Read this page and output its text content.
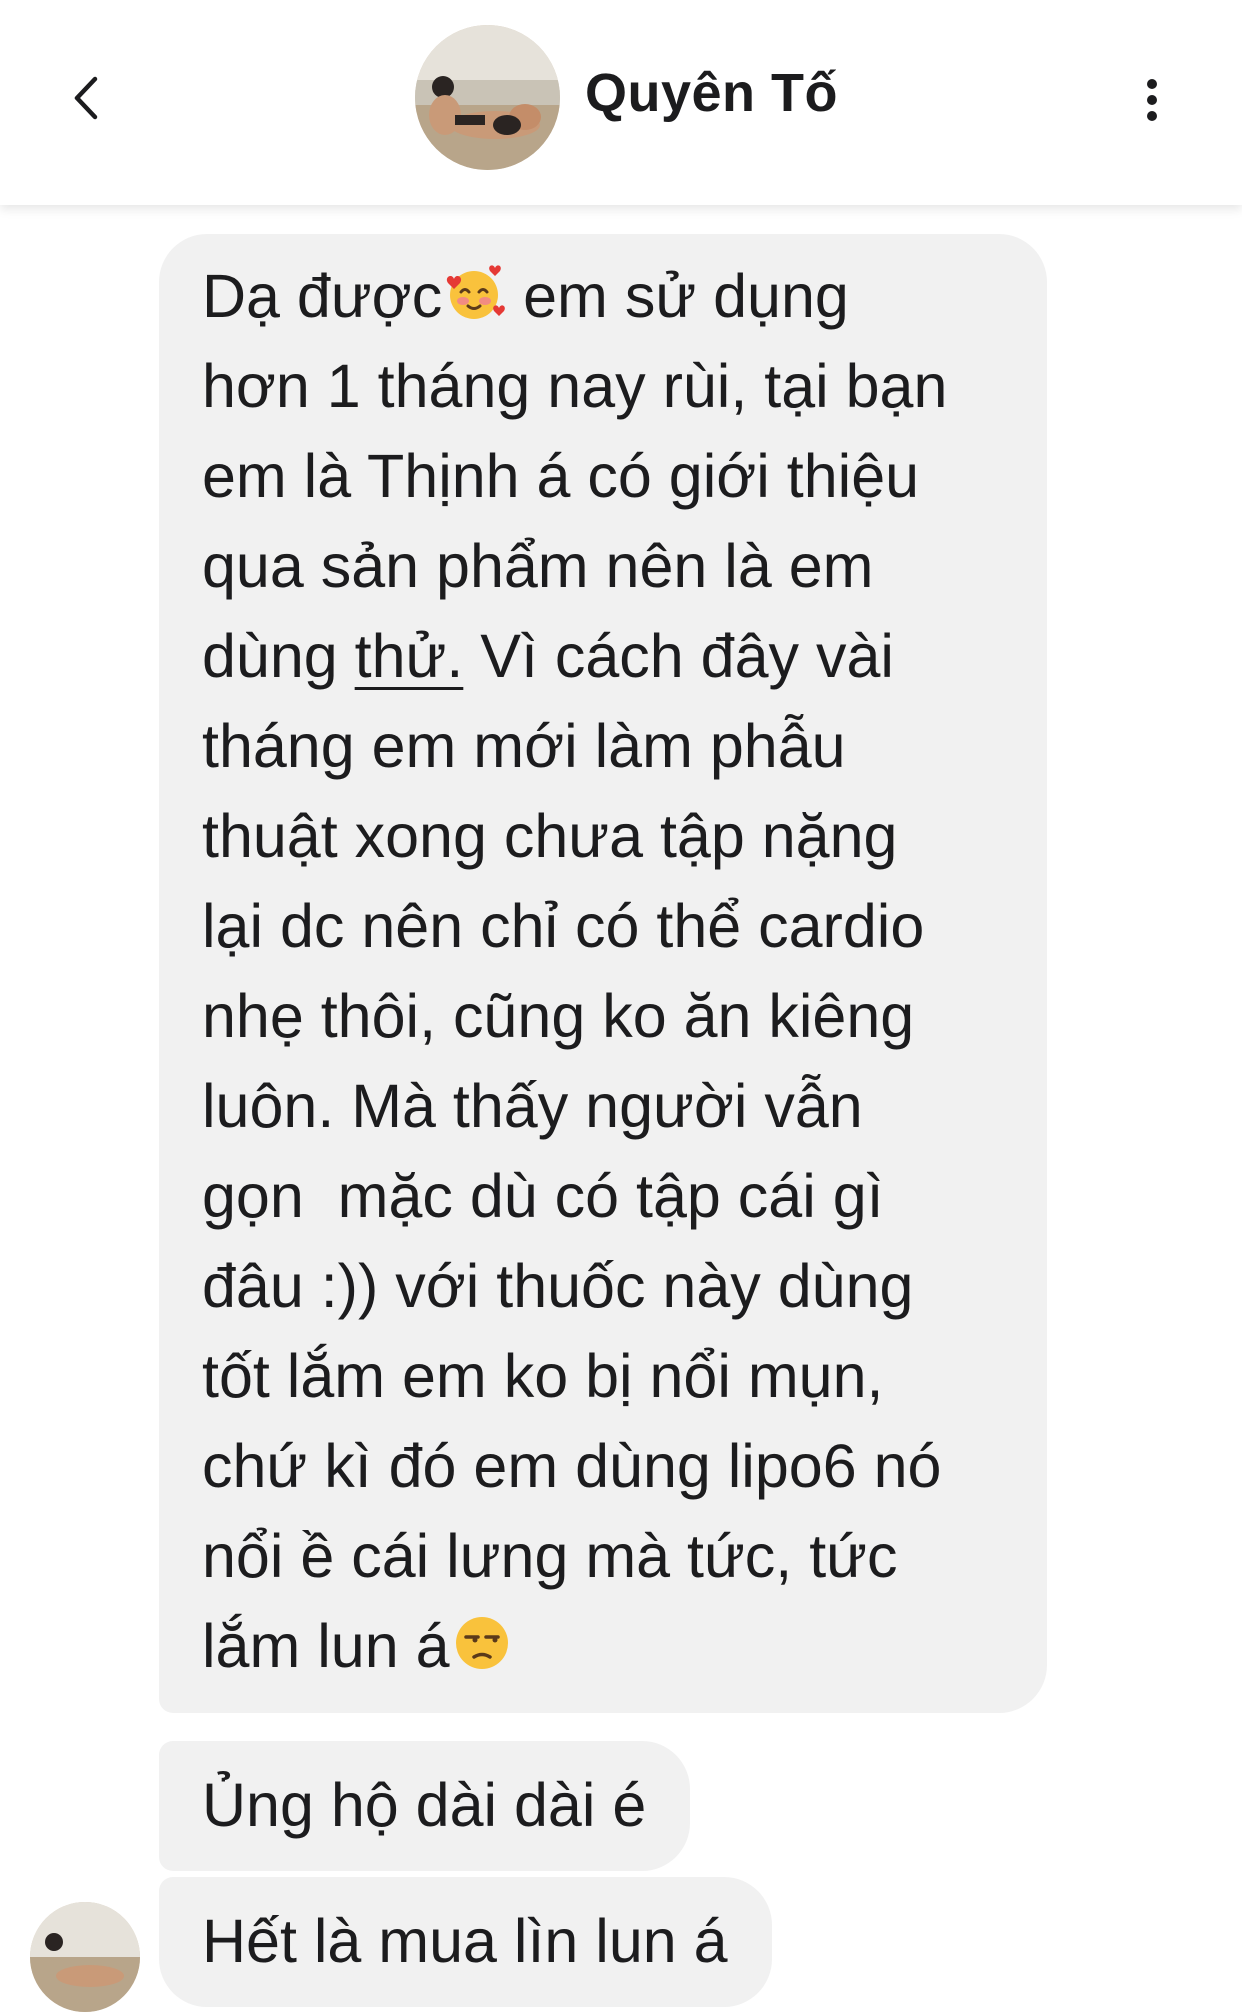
Quyên Tố
Dạ được em sử dụng
hơn 1 tháng nay rùi, tại bạn
em là Thịnh á có giới thiệu
qua sản phẩm nên là em
dùng thử. Vì cách đây vài
tháng em mới làm phẫu
thuật xong chưa tập nặng
lại dc nên chỉ có thể cardio
nhẹ thôi, cũng ko ăn kiêng
luôn. Mà thấy người vẫn
gọn  mặc dù có tập cái gì
đâu :)) với thuốc này dùng
tốt lắm em ko bị nổi mụn,
chứ kì đó em dùng lipo6 nó
nổi ề cái lưng mà tức, tức
lắm lun á
Ủng hộ dài dài é
Hết là mua lìn lun á
